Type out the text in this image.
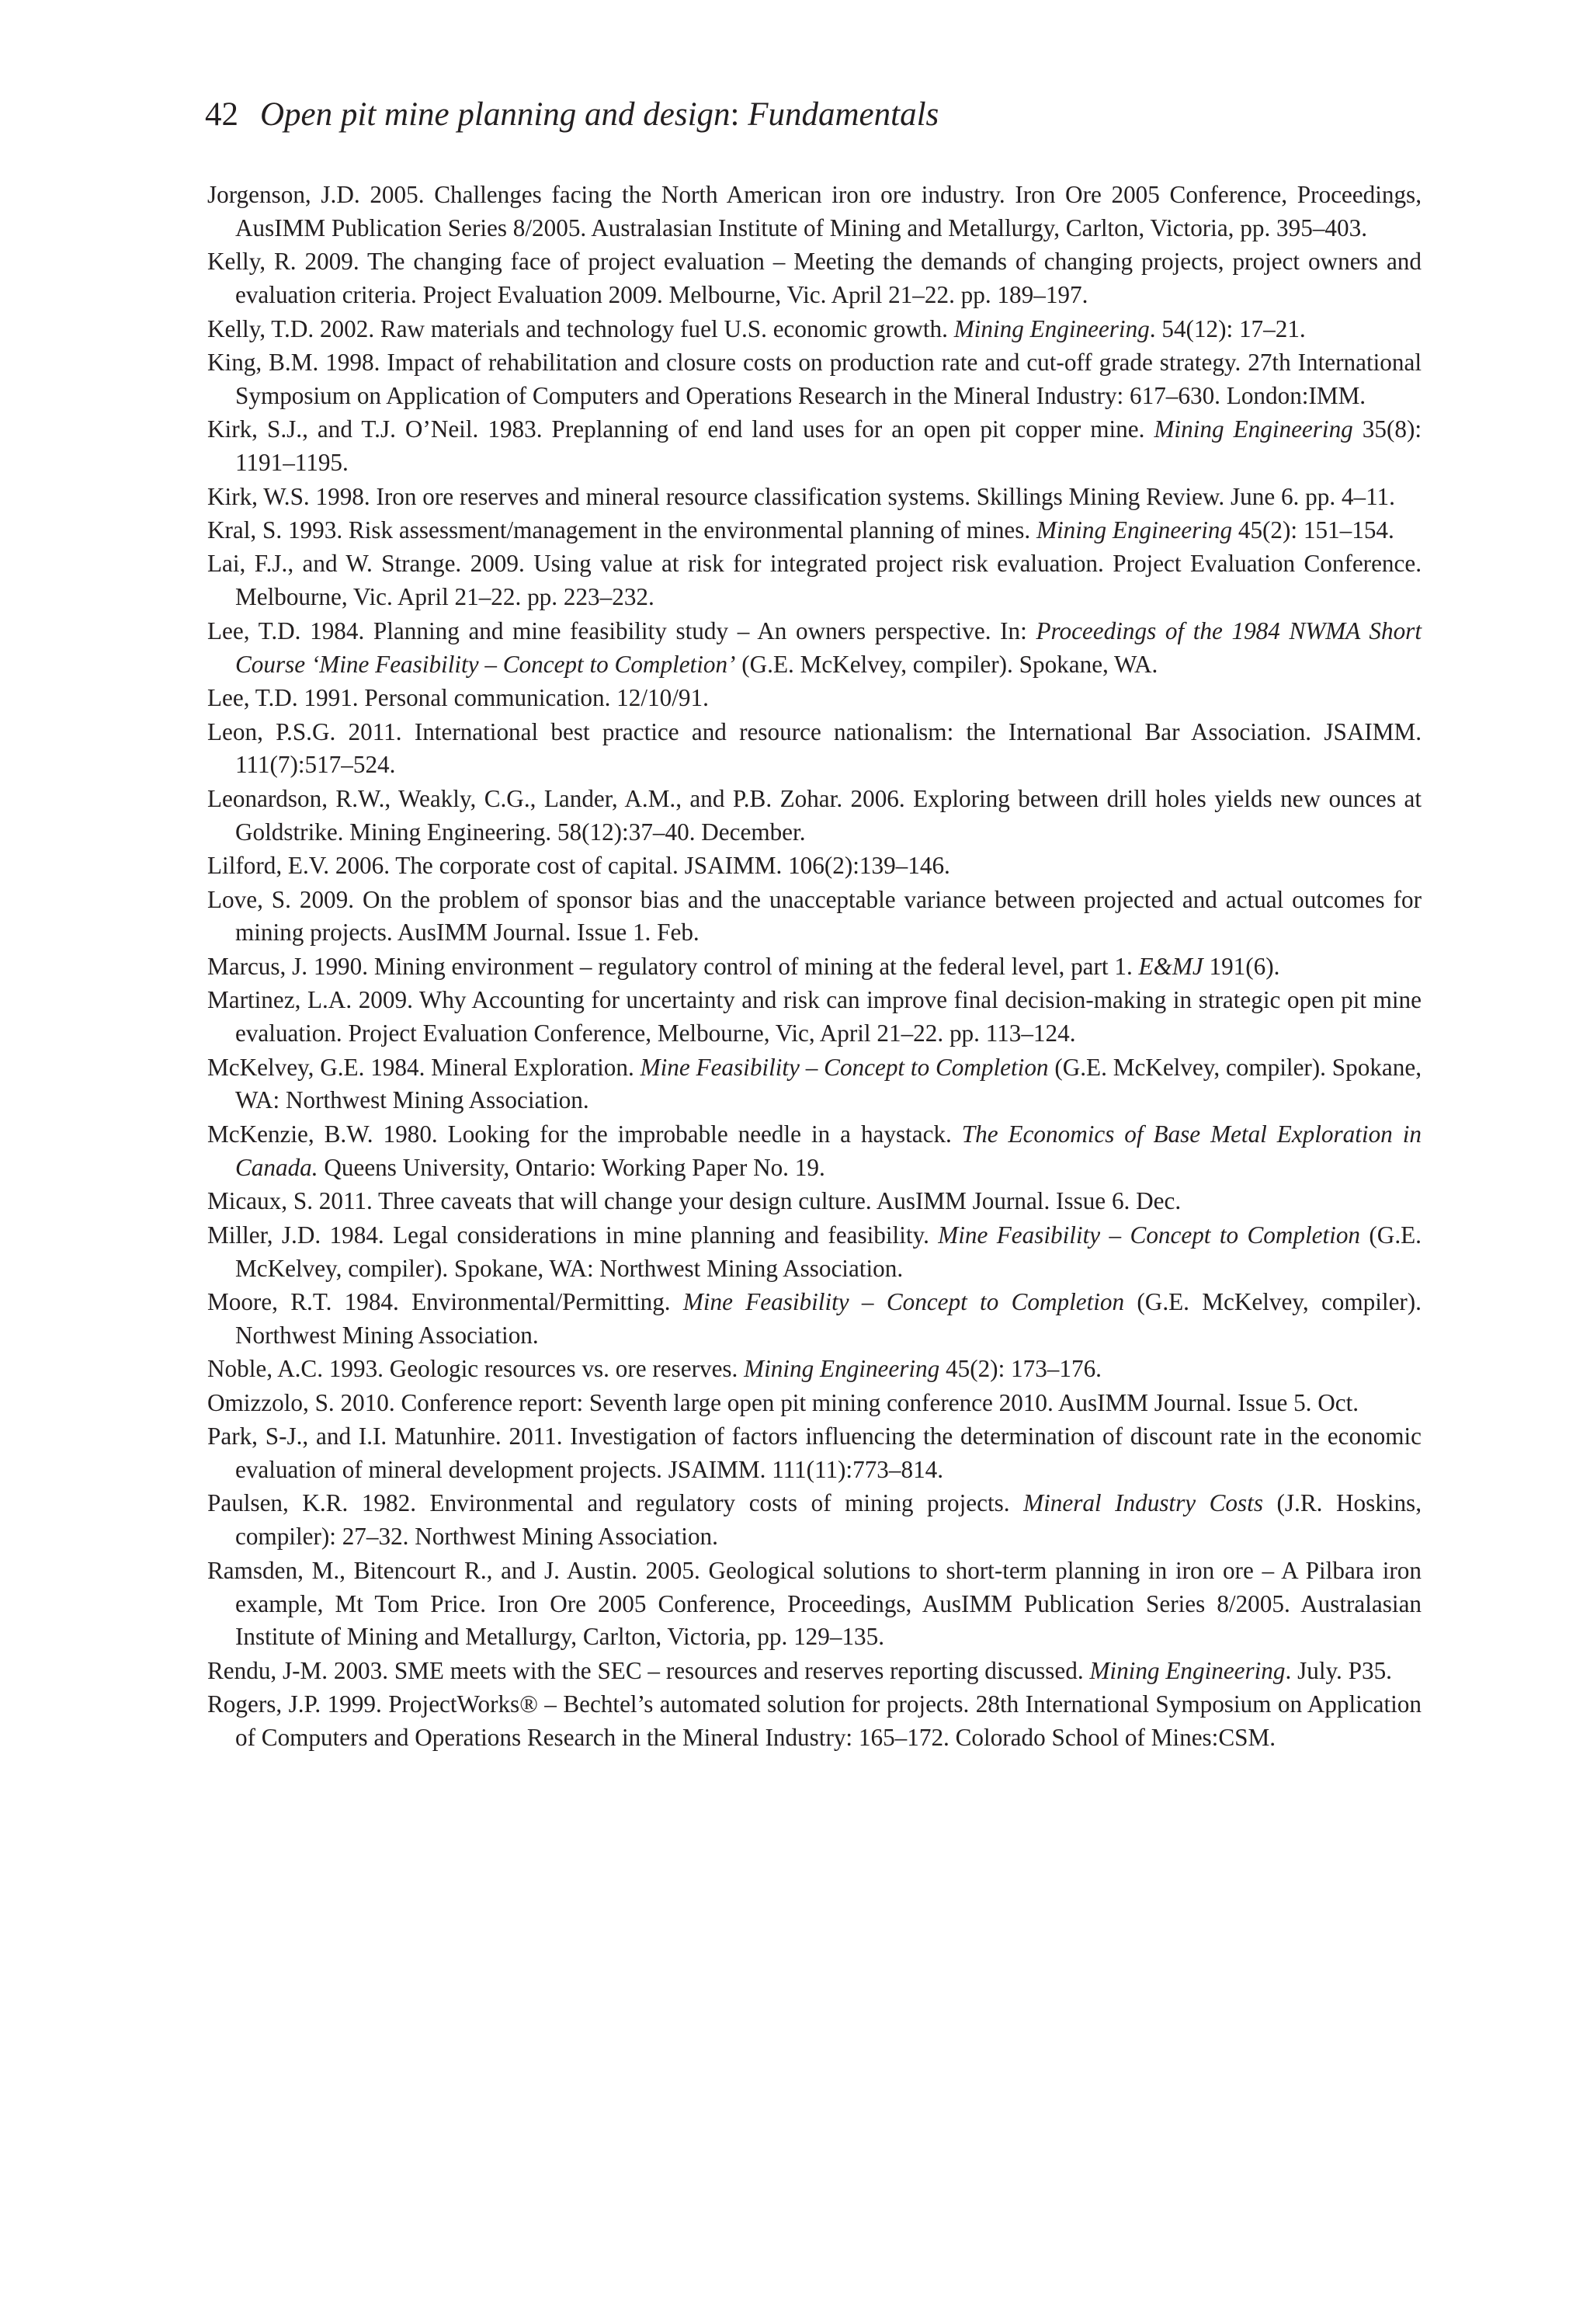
42 Open pit mine planning and design: Fundamentals
Jorgenson, J.D. 2005. Challenges facing the North American iron ore industry. Iron Ore 2005 Conference, Proceedings, AusIMM Publication Series 8/2005. Australasian Institute of Mining and Metallurgy, Carlton, Victoria, pp. 395–403.
Kelly, R. 2009. The changing face of project evaluation – Meeting the demands of changing projects, project owners and evaluation criteria. Project Evaluation 2009. Melbourne, Vic. April 21–22. pp. 189–197.
Kelly, T.D. 2002. Raw materials and technology fuel U.S. economic growth. Mining Engineering. 54(12): 17–21.
King, B.M. 1998. Impact of rehabilitation and closure costs on production rate and cut-off grade strategy. 27th International Symposium on Application of Computers and Operations Research in the Mineral Industry: 617–630. London:IMM.
Kirk, S.J., and T.J. O’Neil. 1983. Preplanning of end land uses for an open pit copper mine. Mining Engineering 35(8): 1191–1195.
Kirk, W.S. 1998. Iron ore reserves and mineral resource classification systems. Skillings Mining Review. June 6. pp. 4–11.
Kral, S. 1993. Risk assessment/management in the environmental planning of mines. Mining Engineering 45(2): 151–154.
Lai, F.J., and W. Strange. 2009. Using value at risk for integrated project risk evaluation. Project Evaluation Conference. Melbourne, Vic. April 21–22. pp. 223–232.
Lee, T.D. 1984. Planning and mine feasibility study – An owners perspective. In: Proceedings of the 1984 NWMA Short Course ‘Mine Feasibility – Concept to Completion’ (G.E. McKelvey, compiler). Spokane, WA.
Lee, T.D. 1991. Personal communication. 12/10/91.
Leon, P.S.G. 2011. International best practice and resource nationalism: the International Bar Association. JSAIMM. 111(7):517–524.
Leonardson, R.W., Weakly, C.G., Lander, A.M., and P.B. Zohar. 2006. Exploring between drill holes yields new ounces at Goldstrike. Mining Engineering. 58(12):37–40. December.
Lilford, E.V. 2006. The corporate cost of capital. JSAIMM. 106(2):139–146.
Love, S. 2009. On the problem of sponsor bias and the unacceptable variance between projected and actual outcomes for mining projects. AusIMM Journal. Issue 1. Feb.
Marcus, J. 1990. Mining environment – regulatory control of mining at the federal level, part 1. E&MJ 191(6).
Martinez, L.A. 2009. Why Accounting for uncertainty and risk can improve final decision-making in strategic open pit mine evaluation. Project Evaluation Conference, Melbourne, Vic, April 21–22. pp. 113–124.
McKelvey, G.E. 1984. Mineral Exploration. Mine Feasibility – Concept to Completion (G.E. McKelvey, compiler). Spokane, WA: Northwest Mining Association.
McKenzie, B.W. 1980. Looking for the improbable needle in a haystack. The Economics of Base Metal Exploration in Canada. Queens University, Ontario: Working Paper No. 19.
Micaux, S. 2011. Three caveats that will change your design culture. AusIMM Journal. Issue 6. Dec.
Miller, J.D. 1984. Legal considerations in mine planning and feasibility. Mine Feasibility – Concept to Completion (G.E. McKelvey, compiler). Spokane, WA: Northwest Mining Association.
Moore, R.T. 1984. Environmental/Permitting. Mine Feasibility – Concept to Completion (G.E. McKelvey, compiler). Northwest Mining Association.
Noble, A.C. 1993. Geologic resources vs. ore reserves. Mining Engineering 45(2): 173–176.
Omizzolo, S. 2010. Conference report: Seventh large open pit mining conference 2010. AusIMM Journal. Issue 5. Oct.
Park, S-J., and I.I. Matunhire. 2011. Investigation of factors influencing the determination of discount rate in the economic evaluation of mineral development projects. JSAIMM. 111(11):773–814.
Paulsen, K.R. 1982. Environmental and regulatory costs of mining projects. Mineral Industry Costs (J.R. Hoskins, compiler): 27–32. Northwest Mining Association.
Ramsden, M., Bitencourt R., and J. Austin. 2005. Geological solutions to short-term planning in iron ore – A Pilbara iron example, Mt Tom Price. Iron Ore 2005 Conference, Proceedings, AusIMM Publication Series 8/2005. Australasian Institute of Mining and Metallurgy, Carlton, Victoria, pp. 129–135.
Rendu, J-M. 2003. SME meets with the SEC – resources and reserves reporting discussed. Mining Engineering. July. P35.
Rogers, J.P. 1999. ProjectWorks® – Bechtel’s automated solution for projects. 28th International Symposium on Application of Computers and Operations Research in the Mineral Industry: 165–172. Colorado School of Mines:CSM.
